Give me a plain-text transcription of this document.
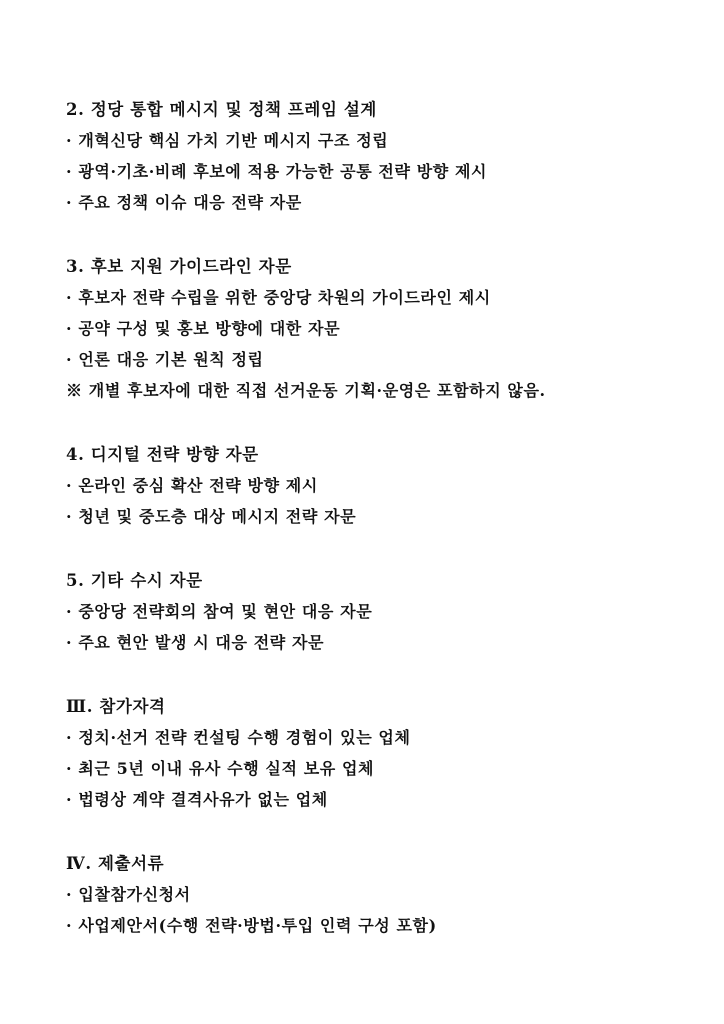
2. 정당 통합 메시지 및 정책 프레임 설계
· 개혁신당 핵심 가치 기반 메시지 구조 정립
· 광역·기초·비례 후보에 적용 가능한 공통 전략 방향 제시
· 주요 정책 이슈 대응 전략 자문
3. 후보 지원 가이드라인 자문
· 후보자 전략 수립을 위한 중앙당 차원의 가이드라인 제시
· 공약 구성 및 홍보 방향에 대한 자문
· 언론 대응 기본 원칙 정립
※ 개별 후보자에 대한 직접 선거운동 기획·운영은 포함하지 않음.
4. 디지털 전략 방향 자문
· 온라인 중심 확산 전략 방향 제시
· 청년 및 중도층 대상 메시지 전략 자문
5. 기타 수시 자문
· 중앙당 전략회의 참여 및 현안 대응 자문
· 주요 현안 발생 시 대응 전략 자문
Ⅲ. 참가자격
· 정치·선거 전략 컨설팅 수행 경험이 있는 업체
· 최근 5년 이내 유사 수행 실적 보유 업체
· 법령상 계약 결격사유가 없는 업체
Ⅳ. 제출서류
· 입찰참가신청서
· 사업제안서(수행 전략·방법·투입 인력 구성 포함)
